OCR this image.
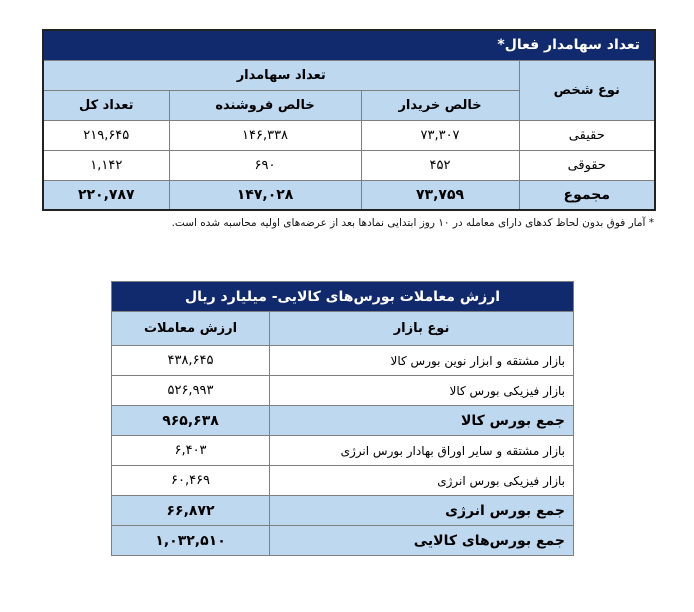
تعداد سهامدار فعال*			
نوع شخص	تعداد سهامدار		
	خالص خریدار	خالص فروشنده	تعداد کل
حقیقی	۷۳,۳۰۷	۱۴۶,۳۳۸	۲۱۹,۶۴۵
حقوقی	۴۵۲	۶۹۰	۱,۱۴۲
مجموع	۷۳,۷۵۹	۱۴۷,۰۲۸	۲۲۰,۷۸۷
* آمار فوق بدون لحاظ کدهای دارای معامله در ۱۰ روز ابتدایی نمادها بعد از عرضه‌های اولیه محاسبه شده است.
ارزش معاملات بورس‌های کالایی- میلیارد ریال	
نوع بازار	ارزش معاملات
بازار مشتقه و ابزار نوین بورس کالا	۴۳۸,۶۴۵
بازار فیزیکی بورس کالا	۵۲۶,۹۹۳
جمع بورس کالا	۹۶۵,۶۳۸
بازار مشتقه و سایر اوراق بهادار بورس انرژی	۶,۴۰۳
بازار فیزیکی بورس انرژی	۶۰,۴۶۹
جمع بورس انرژی	۶۶,۸۷۲
جمع بورس‌های کالایی	۱,۰۳۲,۵۱۰
